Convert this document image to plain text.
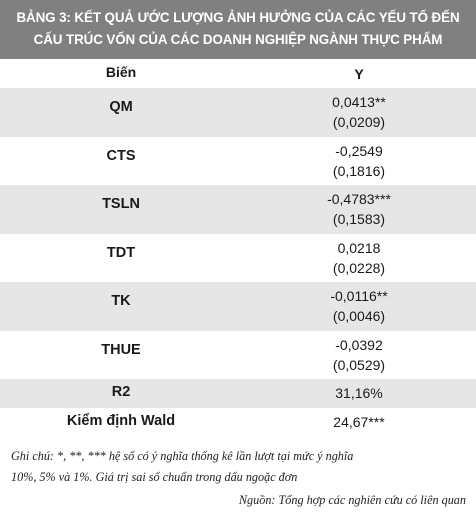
BẢNG 3: KẾT QUẢ ƯỚC LƯỢNG ẢNH HƯỞNG CỦA CÁC YẾU TỐ ĐẾN
CẤU TRÚC VỐN CỦA CÁC DOANH NGHIỆP NGÀNH THỰC PHẨM
Biến	Y
QM	0,0413**
(0,0209)
CTS	-0,2549
(0,1816)
TSLN	-0,4783***
(0,1583)
TDT	0,0218
(0,0228)
TK	-0,0116**
(0,0046)
THUE	-0,0392
(0,0529)
R2	31,16%
Kiểm định Wald	24,67***
Ghi chú: *, **, *** hệ số có ý nghĩa thống kê lần lượt tại mức ý nghĩa
10%, 5% và 1%. Giá trị sai số chuẩn trong dấu ngoặc đơn
Nguồn: Tổng hợp các nghiên cứu có liên quan
